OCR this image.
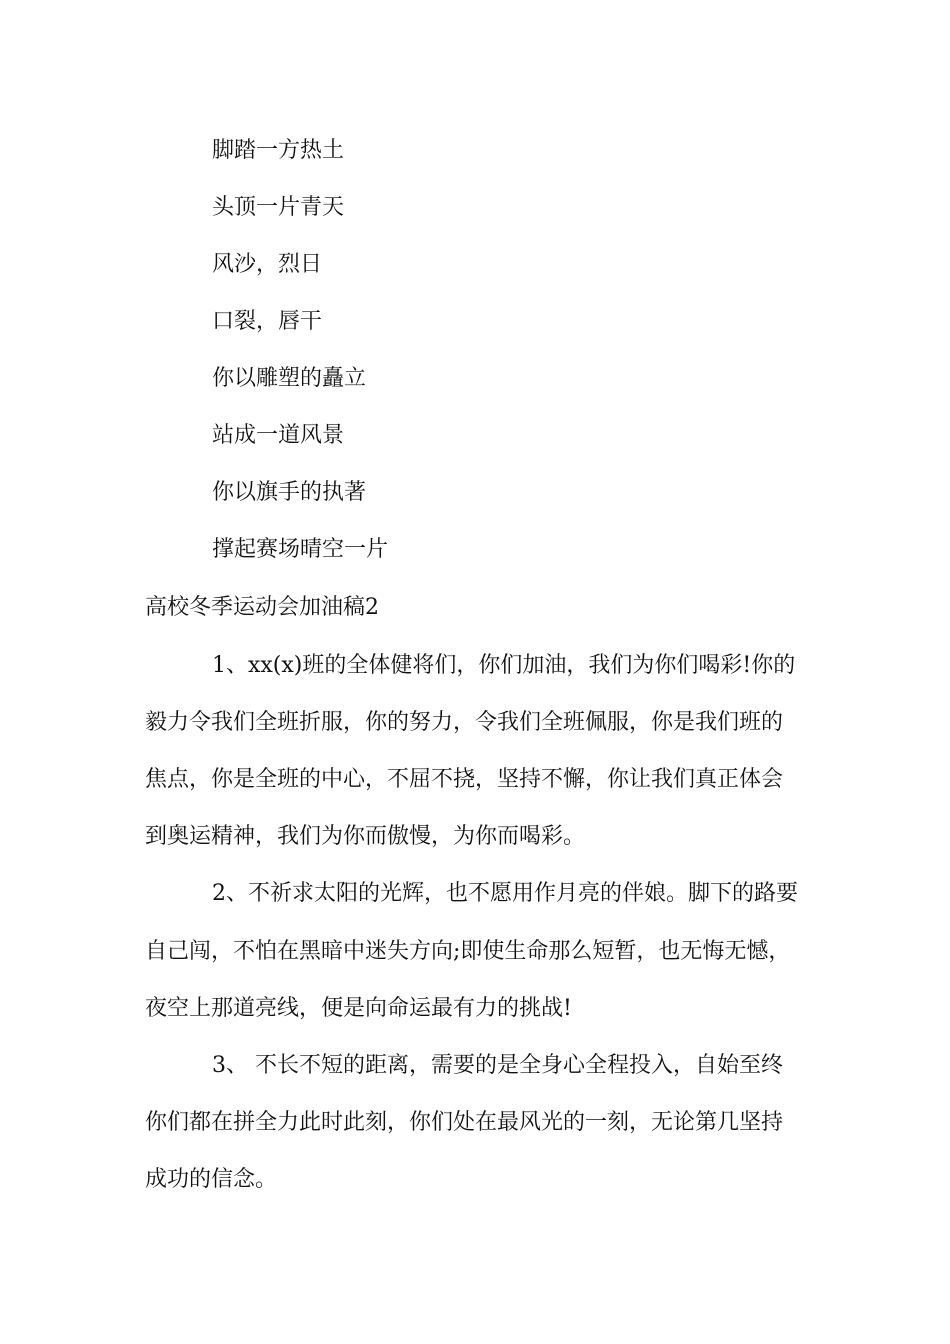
脚踏一方热土
头顶一片青天
风沙，烈日
口裂，唇干
你以雕塑的矗立
站成一道风景
你以旗手的执著
撑起赛场晴空一片
高校冬季运动会加油稿2
1、xx(x)班的全体健将们，你们加油，我们为你们喝彩!你的
毅力令我们全班折服，你的努力，令我们全班佩服，你是我们班的
焦点，你是全班的中心，不屈不挠，坚持不懈，你让我们真正体会
到奥运精神，我们为你而傲慢，为你而喝彩。
2、不祈求太阳的光辉，也不愿用作月亮的伴娘。脚下的路要
自己闯，不怕在黑暗中迷失方向;即使生命那么短暂，也无悔无憾，
夜空上那道亮线，便是向命运最有力的挑战!
3、 不长不短的距离，需要的是全身心全程投入，自始至终
你们都在拼全力此时此刻，你们处在最风光的一刻，无论第几坚持
成功的信念。
